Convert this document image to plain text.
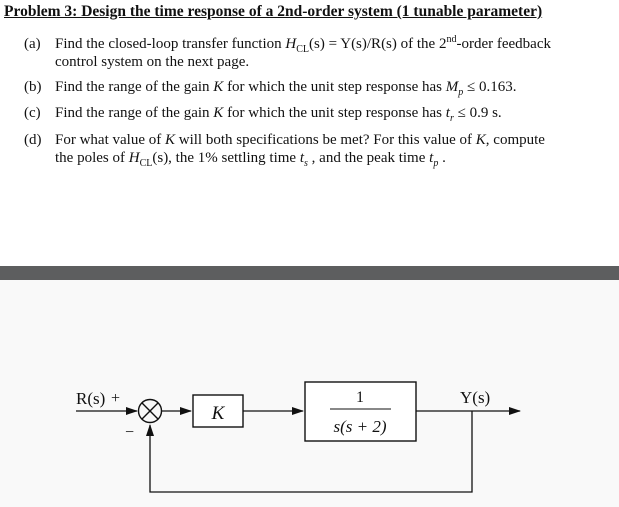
Problem 3: Design the time response of a 2nd-order system (1 tunable parameter)
(a) Find the closed-loop transfer function $H_{CL}(s) = Y(s)/R(s)$ of the 2nd-order feedback
control system on the next page.
(b) Find the range of the gain K for which the unit step response has $M_p \le 0.163$.
(c) Find the range of the gain K for which the unit step response has $t_r \le 0.9$ s.
(d) For what value of K will both specifications be met? For this value of K, compute
the poles of $H_{CL}(s)$, the 1% settling time $t_s$ , and the peak time $t_p$ .
R(s) +
−
K
1
s(s + 2)
Y(s)
